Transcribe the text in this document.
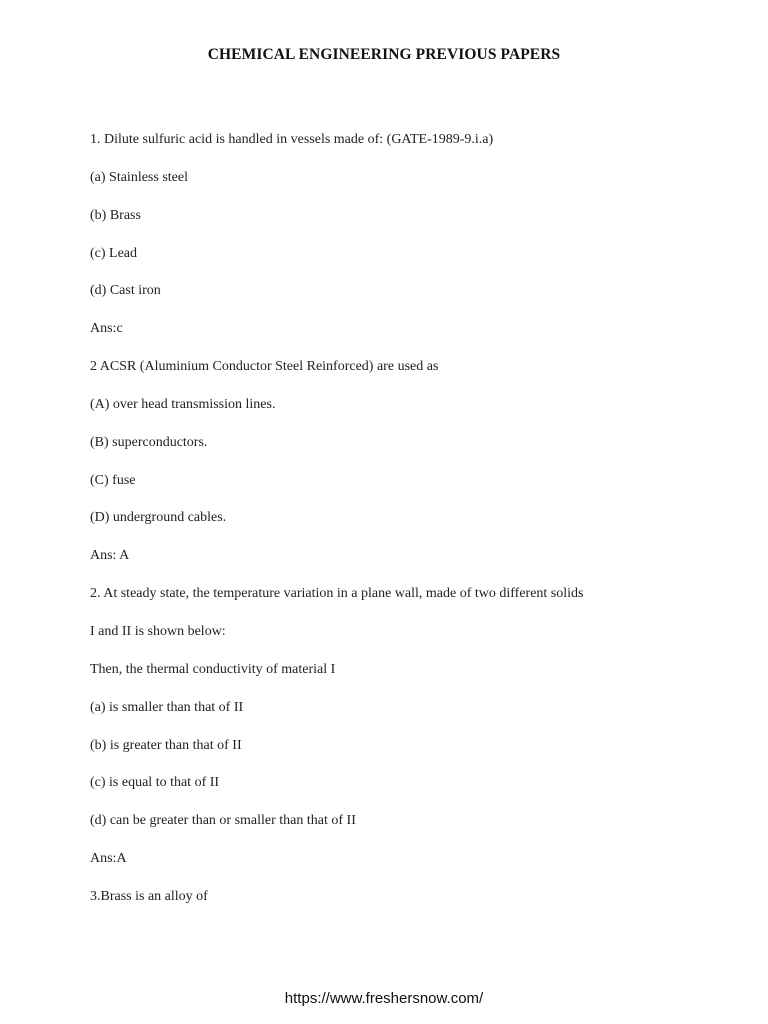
CHEMICAL ENGINEERING PREVIOUS PAPERS
1. Dilute sulfuric acid is handled in vessels made of: (GATE-1989-9.i.a)
(a) Stainless steel
(b) Brass
(c) Lead
(d) Cast iron
Ans:c
2 ACSR (Aluminium Conductor Steel Reinforced) are used as
(A) over head transmission lines.
(B) superconductors.
(C) fuse
(D) underground cables.
Ans: A
2. At steady state, the temperature variation in a plane wall, made of two different solids
I and II is shown below:
Then, the thermal conductivity of material I
(a) is smaller than that of II
(b) is greater than that of II
(c) is equal to that of II
(d) can be greater than or smaller than that of II
Ans:A
3.Brass is an alloy of
https://www.freshersnow.com/
